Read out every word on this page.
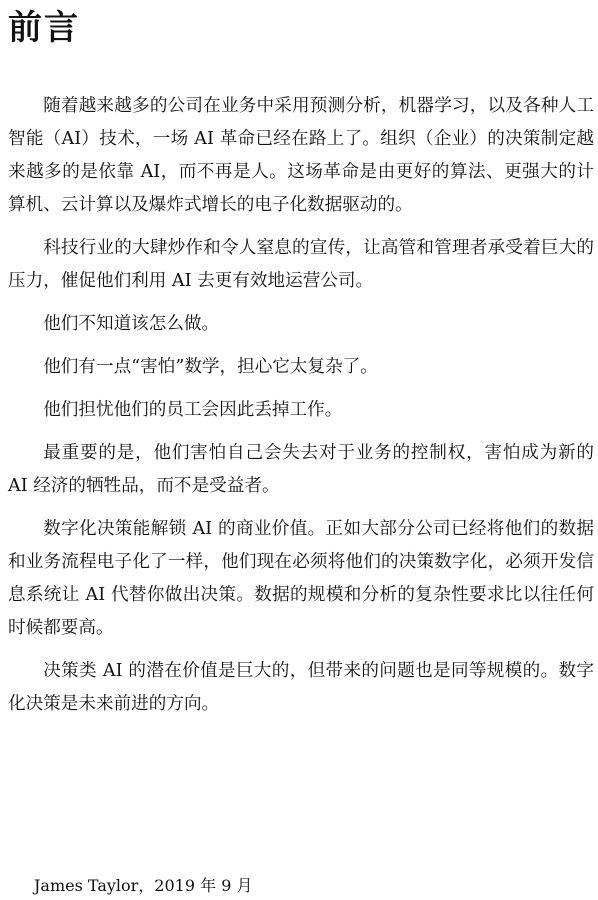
前言

随着越来越多的公司在业务中采用预测分析，机器学习，以及各种人工智能（AI）技术，一场 AI 革命已经在路上了。组织（企业）的决策制定越来越多的是依靠 AI，而不再是人。这场革命是由更好的算法、更强大的计算机、云计算以及爆炸式增长的电子化数据驱动的。

科技行业的大肆炒作和令人窒息的宣传，让高管和管理者承受着巨大的压力，催促他们利用 AI 去更有效地运营公司。

他们不知道该怎么做。

他们有一点“害怕”数学，担心它太复杂了。

他们担忧他们的员工会因此丢掉工作。

最重要的是，他们害怕自己会失去对于业务的控制权，害怕成为新的 AI 经济的牺牲品，而不是受益者。

数字化决策能解锁 AI 的商业价值。正如大部分公司已经将他们的数据和业务流程电子化了一样，他们现在必须将他们的决策数字化，必须开发信息系统让 AI 代替你做出决策。数据的规模和分析的复杂性要求比以往任何时候都要高。

决策类 AI 的潜在价值是巨大的，但带来的问题也是同等规模的。数字化决策是未来前进的方向。

James Taylor，2019 年 9 月
